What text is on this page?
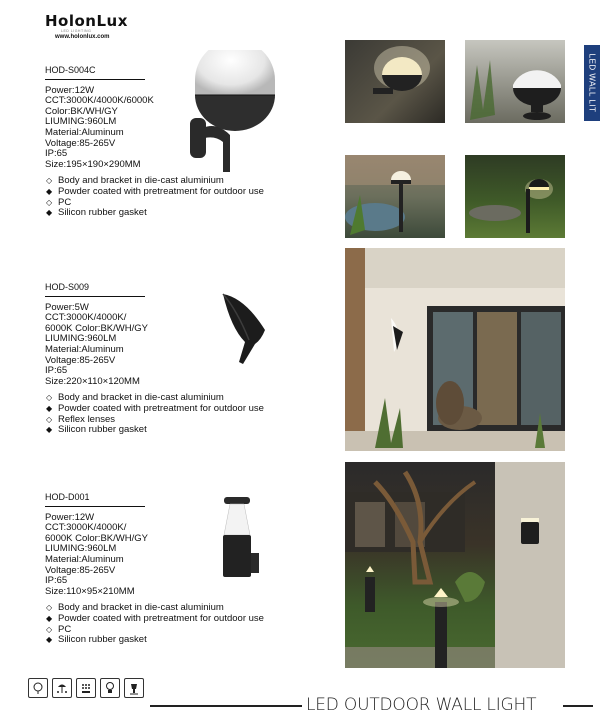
HolonLux
LED LIGHTING
www.holonlux.com
LED WALL LIT
HOD-S004C
Power:12W
CCT:3000K/4000K/6000K
Color:BK/WH/GY
LIUMING:960LM
Material:Aluminum
Voltage:85-265V
IP:65
Size:195×190×290MM
◇ Body and bracket in die-cast aluminium
◆ Powder coated with pretreatment for outdoor use
◇ PC
◆ Silicon rubber gasket
HOD-S009
Power:5W
CCT:3000K/4000K/
6000K Color:BK/WH/GY
LIUMING:960LM
Material:Aluminum
Voltage:85-265V
IP:65
Size:220×110×120MM
◇ Body and bracket in die-cast aluminium
◆ Powder coated with pretreatment for outdoor use
◇ Reflex lenses
◆ Silicon rubber gasket
HOD-D001
Power:12W
CCT:3000K/4000K/
6000K Color:BK/WH/GY
LIUMING:960LM
Material:Aluminum
Voltage:85-265V
IP:65
Size:110×95×210MM
◇ Body and bracket in die-cast aluminium
◆ Powder coated with pretreatment for outdoor use
◇ PC
◆ Silicon rubber gasket
LED OUTDOOR WALL LIGHT
